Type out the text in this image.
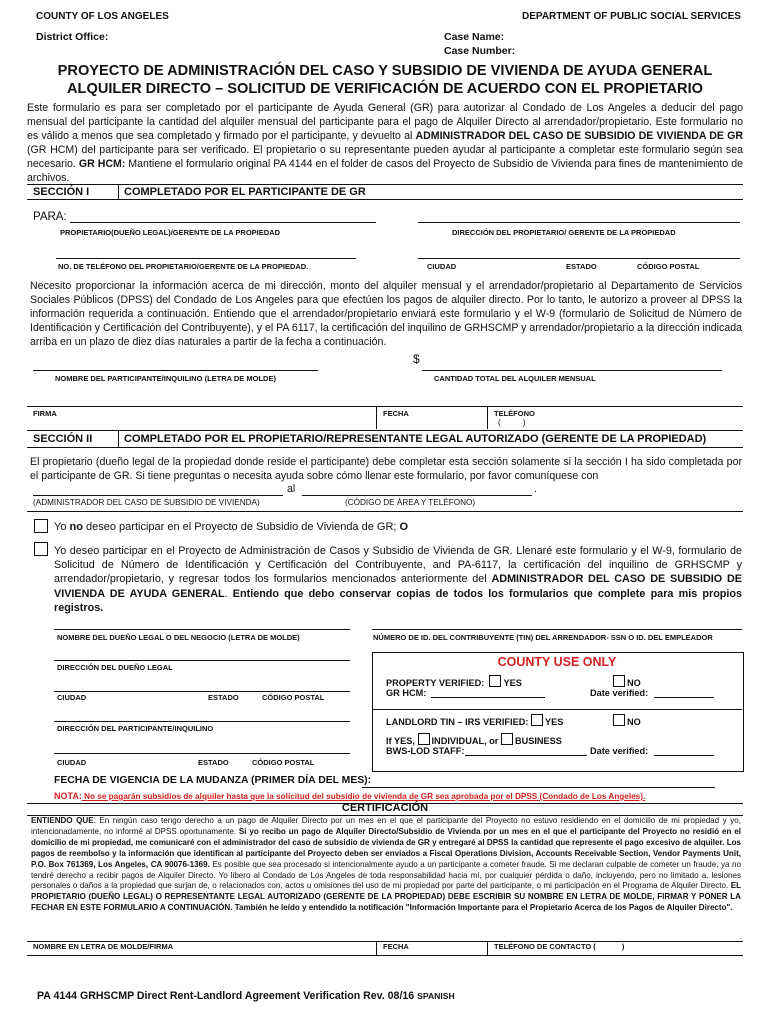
COUNTY OF LOS ANGELES	DEPARTMENT OF PUBLIC SOCIAL SERVICES
District Office:	Case Name:
Case Number:
PROYECTO DE ADMINISTRACIÓN DEL CASO Y SUBSIDIO DE VIVIENDA DE AYUDA GENERAL
ALQUILER DIRECTO – SOLICITUD DE VERIFICACIÓN DE ACUERDO CON EL PROPIETARIO
Este formulario es para ser completado por el participante de Ayuda General (GR) para autorizar al Condado de Los Angeles a deducir del pago mensual del participante la cantidad del alquiler mensual del participante para el pago de Alquiler Directo al arrendador/propietario. Este formulario no es válido a menos que sea completado y firmado por el participante, y devuelto al ADMINISTRADOR DEL CASO DE SUBSIDIO DE VIVIENDA DE GR (GR HCM) del participante para ser verificado. El propietario o su representante pueden ayudar al participante a completar este formulario según sea necesario. GR HCM: Mantiene el formulario original PA 4144 en el folder de casos del Proyecto de Subsidio de Vivienda para fines de mantenimiento de archivos.
SECCIÓN I	COMPLETADO POR EL PARTICIPANTE DE GR
PARA:
PROPIETARIO(DUEÑO LEGAL)/GERENTE DE LA PROPIEDAD	DIRECCIÓN DEL PROPIETARIO/ GERENTE DE LA PROPIEDAD
NO. DE TELÉFONO DEL PROPIETARIO/GERENTE DE LA PROPIEDAD.	CIUDAD	ESTADO	CÓDIGO POSTAL
Necesito proporcionar la información acerca de mi dirección, monto del alquiler mensual y el arrendador/propietario al Departamento de Servicios Sociales Públicos (DPSS) del Condado de Los Angeles para que efectúen los pagos de alquiler directo. Por lo tanto, le autorizo a proveer al DPSS la información requerida a continuación. Entiendo que el arrendador/propietario enviará este formulario y el W-9 (formulario de Solicitud de Número de Identificación y Certificación del Contribuyente), y el PA 6117, la certificación del inquilino de GRHSCMP y arrendador/propietario a la dirección indicada arriba en un plazo de diez días naturales a partir de la fecha a continuación.
$
NOMBRE DEL PARTICIPANTE/INQUILINO (LETRA DE MOLDE)	CANTIDAD TOTAL DEL ALQUILER MENSUAL
FIRMA	FECHA	TELÉFONO
(          )
SECCIÓN II	COMPLETADO POR EL PROPIETARIO/REPRESENTANTE LEGAL AUTORIZADO (GERENTE DE LA PROPIEDAD)
El propietario (dueño legal de la propiedad donde reside el participante) debe completar esta sección solamente si la sección I ha sido completada por el participante de GR. Si tiene preguntas o necesita ayuda sobre cómo llenar este formulario, por favor comuníquese con
al	.
(ADMINISTRADOR DEL CASO DE SUBSIDIO DE VIVIENDA)	(CÓDIGO DE ÁREA Y TELÉFONO)
Yo no deseo participar en el Proyecto de Subsidio de Vivienda de GR; O
Yo deseo participar en el Proyecto de Administración de Casos y Subsidio de Vivienda de GR. Llenaré este formulario y el W-9, formulario de Solicitud de Número de Identificación y Certificación del Contribuyente, and PA-6117, la certificación del inquilino de GRHSCMP y arrendador/propietario, y regresar todos los formularios mencionados anteriormente del ADMINISTRADOR DEL CASO DE SUBSIDIO DE VIVIENDA DE AYUDA GENERAL. Entiendo que debo conservar copias de todos los formularios que complete para mis propios registros.
NOMBRE DEL DUEÑO LEGAL O DEL NEGOCIO (LETRA DE MOLDE)	NÚMERO DE ID. DEL CONTRIBUYENTE (TIN) DEL ARRENDADOR- SSN O ID. DEL EMPLEADOR
DIRECCIÓN DEL DUEÑO LEGAL
CIUDAD	ESTADO	CÓDIGO POSTAL
DIRECCIÓN DEL PARTICIPANTE/INQUILINO
CIUDAD	ESTADO	CÓDIGO POSTAL
COUNTY USE ONLY
PROPERTY VERIFIED: YES	NO
GR HCM:	Date verified:
LANDLORD TIN – IRS VERIFIED: YES	NO
If YES, INDIVIDUAL, or BUSINESS
BWS-LOD STAFF:	Date verified:
FECHA DE VIGENCIA DE LA MUDANZA (PRIMER DÍA DEL MES):
NOTA: No se pagarán subsidios de alquiler hasta que la solicitud del subsidio de vivienda de GR sea aprobada por el DPSS (Condado de Los Angeles).
CERTIFICACIÓN
ENTIENDO QUE: En ningún caso tengo derecho a un pago de Alquiler Directo por un mes en el que el participante del Proyecto no estuvo residiendo en el domicilio de mi propiedad y yo, intencionadamente, no informé al DPSS oportunamente. Si yo recibo un pago de Alquiler Directo/Subsidio de Vivienda por un mes en el que el participante del Proyecto no residió en el domicilio de mi propiedad, me comunicaré con el administrador del caso de subsidio de vivienda de GR y entregaré al DPSS la cantidad que represente el pago excesivo de alquiler. Los pagos de reembolso y la información que identifican al participante del Proyecto deben ser enviados a Fiscal Operations Division, Accounts Receivable Section, Vendor Payments Unit, P.O. Box 761369, Los Angeles, CA 90076-1369. Es posible que sea procesado si intencionalmente ayudo a un participante a cometer fraude. Si me declaran culpable de cometer un fraude, ya no tendré derecho a recibir pagos de Alquiler Directo. Yo libero al Condado de Los Angeles de toda responsabilidad hacia mí, por cualquier pérdida o daño, incluyendo, pero no limitado a, lesiones personales o daños a la propiedad que surjan de, o relacionados con, actos u omisiones del uso de mi propiedad por parte del participante, o mi participación en el Programa de Alquiler Directo. EL PROPIETARIO (DUEÑO LEGAL) O REPRESENTANTE LEGAL AUTORIZADO (GERENTE DE LA PROPIEDAD) DEBE ESCRIBIR SU NOMBRE EN LETRA DE MOLDE, FIRMAR Y PONER LA FECHAR EN ESTE FORMULARIO A CONTINUACIÓN. También he leído y entendido la notificación "Información Importante para el Propietario Acerca de los Pagos de Alquiler Directo".
NOMBRE EN LETRA DE MOLDE/FIRMA	FECHA	TELÉFONO DE CONTACTO (	)
PA 4144 GRHSCMP Direct Rent-Landlord Agreement Verification Rev. 08/16 SPANISH
